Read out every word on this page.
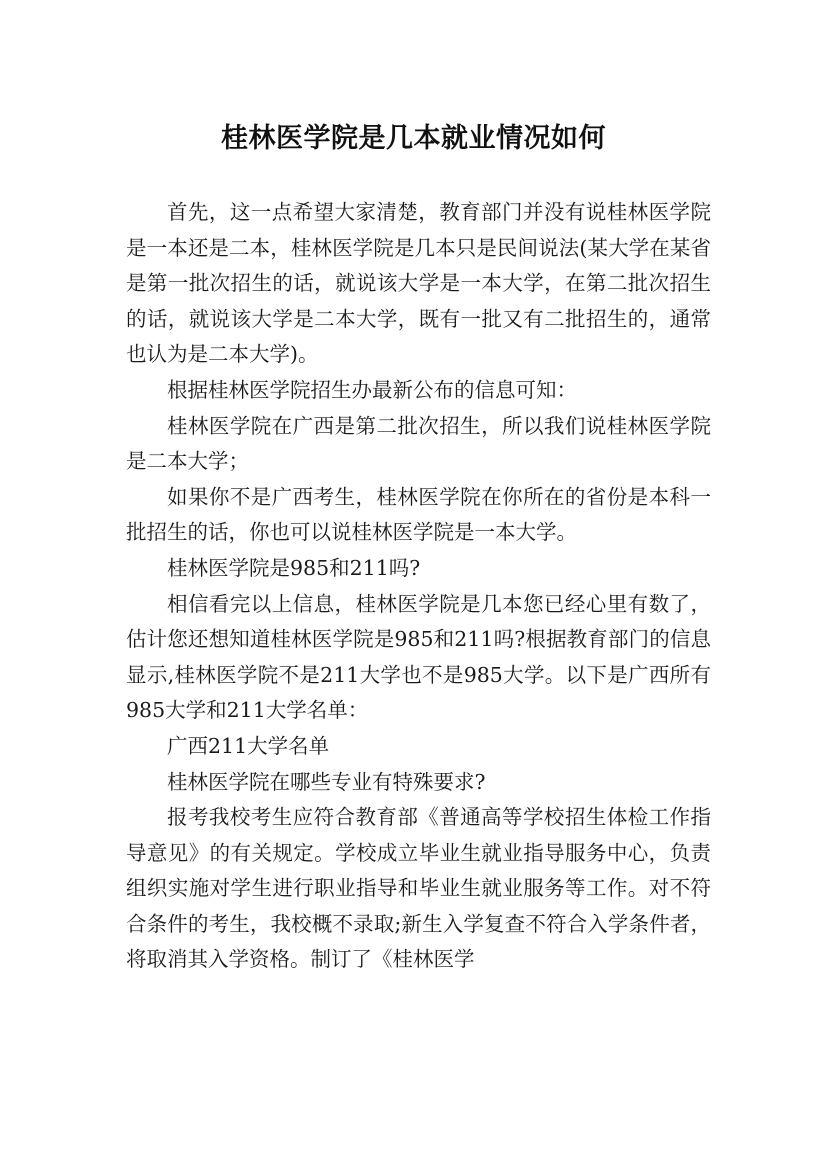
桂林医学院是几本就业情况如何

首先，这一点希望大家清楚，教育部门并没有说桂林医学院是一本还是二本，桂林医学院是几本只是民间说法(某大学在某省是第一批次招生的话，就说该大学是一本大学，在第二批次招生的话，就说该大学是二本大学，既有一批又有二批招生的，通常也认为是二本大学)。

根据桂林医学院招生办最新公布的信息可知：

桂林医学院在广西是第二批次招生，所以我们说桂林医学院是二本大学；

如果你不是广西考生，桂林医学院在你所在的省份是本科一批招生的话，你也可以说桂林医学院是一本大学。

桂林医学院是985和211吗?

相信看完以上信息，桂林医学院是几本您已经心里有数了，估计您还想知道桂林医学院是985和211吗?根据教育部门的信息显示,桂林医学院不是211大学也不是985大学。以下是广西所有985大学和211大学名单：

广西211大学名单

桂林医学院在哪些专业有特殊要求?

报考我校考生应符合教育部《普通高等学校招生体检工作指导意见》的有关规定。学校成立毕业生就业指导服务中心，负责组织实施对学生进行职业指导和毕业生就业服务等工作。对不符合条件的考生，我校概不录取;新生入学复查不符合入学条件者，将取消其入学资格。制订了《桂林医学
